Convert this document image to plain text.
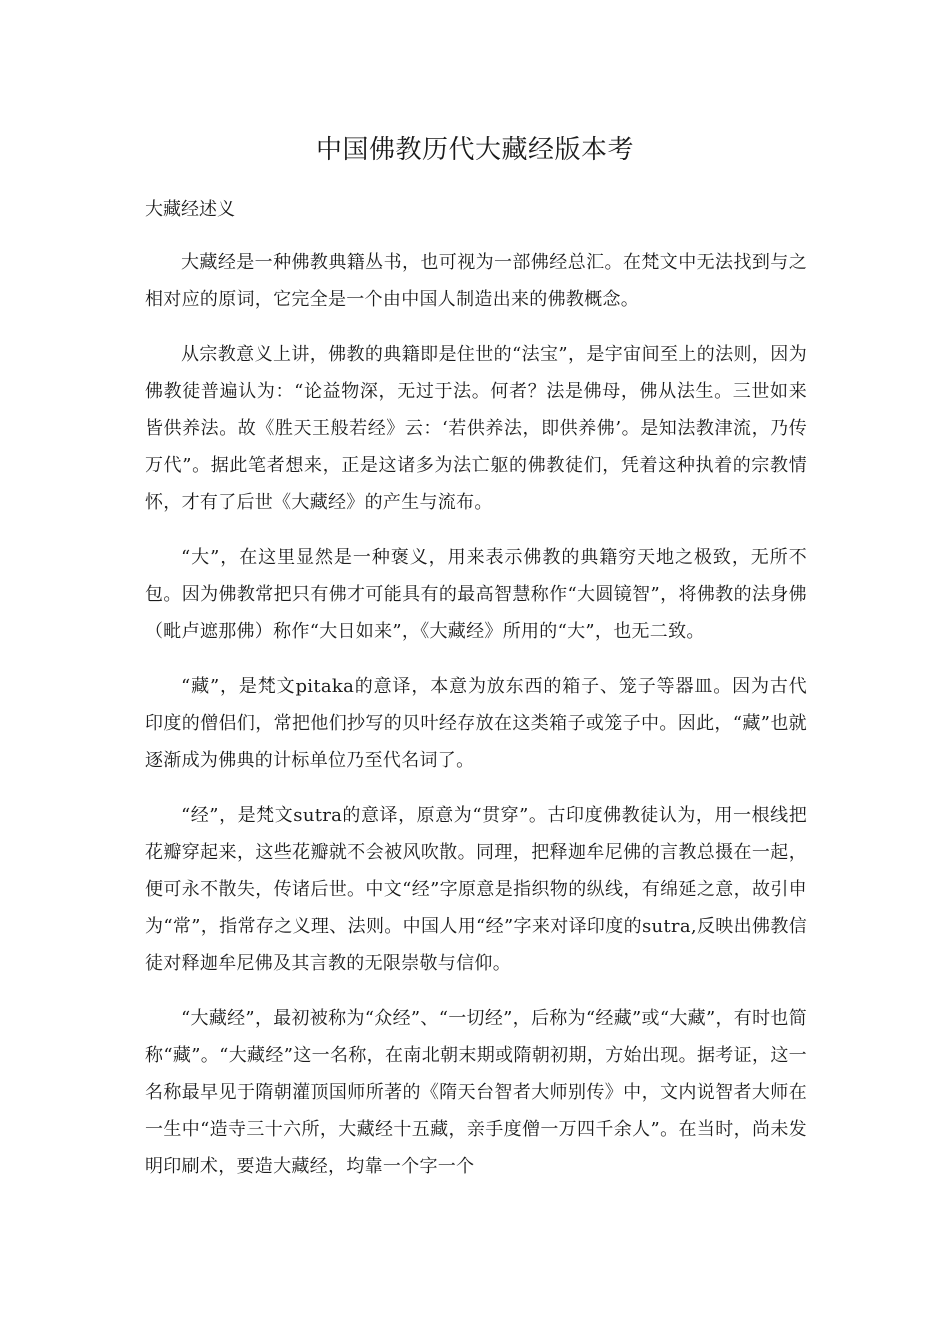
中国佛教历代大藏经版本考
大藏经述义

大藏经是一种佛教典籍丛书，也可视为一部佛经总汇。在梵文中无法找到与之相对应的原词，它完全是一个由中国人制造出来的佛教概念。

从宗教意义上讲，佛教的典籍即是住世的“法宝”，是宇宙间至上的法则，因为佛教徒普遍认为：“论益物深，无过于法。何者？法是佛母，佛从法生。三世如来皆供养法。故《胜天王般若经》云：‘若供养法，即供养佛’。是知法教津流，乃传万代”。据此笔者想来，正是这诸多为法亡躯的佛教徒们，凭着这种执着的宗教情怀，才有了后世《大藏经》的产生与流布。

“大”，在这里显然是一种褒义，用来表示佛教的典籍穷天地之极致，无所不包。因为佛教常把只有佛才可能具有的最高智慧称作“大圆镜智”，将佛教的法身佛（毗卢遮那佛）称作“大日如来”，《大藏经》所用的“大”，也无二致。

“藏”，是梵文pitaka的意译，本意为放东西的箱子、笼子等器皿。因为古代印度的僧侣们，常把他们抄写的贝叶经存放在这类箱子或笼子中。因此，“藏”也就逐渐成为佛典的计标单位乃至代名词了。

“经”，是梵文sutra的意译，原意为“贯穿”。古印度佛教徒认为，用一根线把花瓣穿起来，这些花瓣就不会被风吹散。同理，把释迦牟尼佛的言教总摄在一起，便可永不散失，传诸后世。中文“经”字原意是指织物的纵线，有绵延之意，故引申为“常”，指常存之义理、法则。中国人用“经”字来对译印度的sutra,反映出佛教信徒对释迦牟尼佛及其言教的无限崇敬与信仰。

“大藏经”，最初被称为“众经”、“一切经”，后称为“经藏”或“大藏”，有时也简称“藏”。“大藏经”这一名称，在南北朝末期或隋朝初期，方始出现。据考证，这一名称最早见于隋朝灌顶国师所著的《隋天台智者大师别传》中，文内说智者大师在一生中“造寺三十六所，大藏经十五藏，亲手度僧一万四千余人”。在当时，尚未发明印刷术，要造大藏经，均靠一个字一个
